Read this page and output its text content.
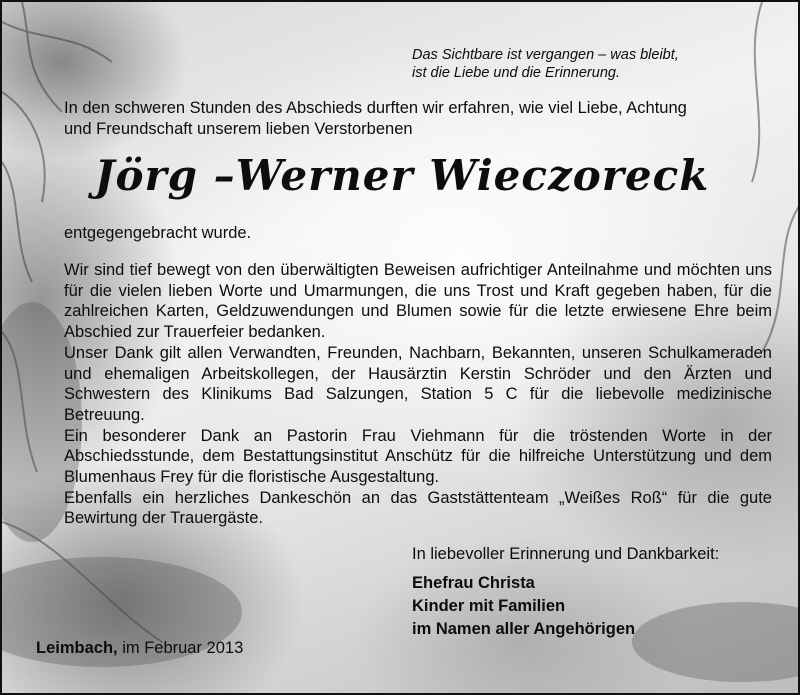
Das Sichtbare ist vergangen – was bleibt,
ist die Liebe und die Erinnerung.
In den schweren Stunden des Abschieds durften wir erfahren, wie viel Liebe, Achtung
und Freundschaft unserem lieben Verstorbenen
Jörg –Werner Wieczoreck
entgegengebracht wurde.

Wir sind tief bewegt von den überwältigten Beweisen aufrichtiger Anteilnahme und möchten uns für die vielen lieben Worte und Umarmungen, die uns Trost und Kraft gegeben haben, für die zahlreichen Karten, Geldzuwendungen und Blumen sowie für die letzte erwiesene Ehre beim Abschied zur Trauerfeier bedanken.

Unser Dank gilt allen Verwandten, Freunden, Nachbarn, Bekannten, unseren Schulkameraden und ehemaligen Arbeitskollegen, der Hausärztin Kerstin Schröder und den Ärzten und Schwestern des Klinikums Bad Salzungen, Station 5 C für die liebevolle medizinische Betreuung.

Ein besonderer Dank an Pastorin Frau Viehmann für die tröstenden Worte in der Abschiedsstunde, dem Bestattungsinstitut Anschütz für die hilfreiche Unterstützung und dem Blumenhaus Frey für die floristische Ausgestaltung.

Ebenfalls ein herzliches Dankeschön an das Gaststättenteam „Weißes Roß“ für die gute Bewirtung der Trauergäste.

In liebevoller Erinnerung und Dankbarkeit:
Ehefrau Christa
Kinder mit Familien
im Namen aller Angehörigen
Leimbach, im Februar 2013
